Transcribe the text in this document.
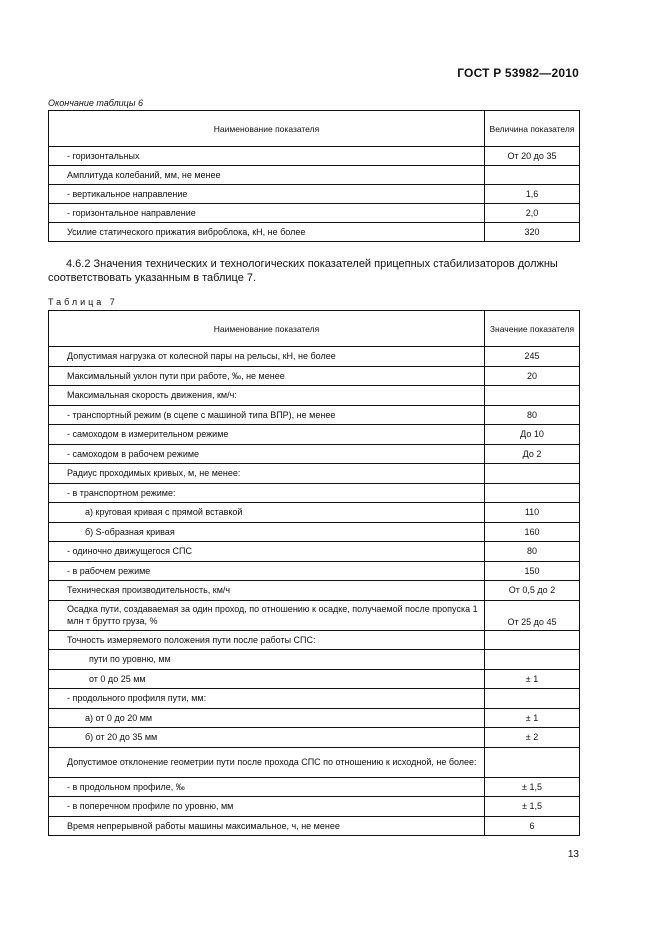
ГОСТ Р 53982—2010
Окончание таблицы 6
Наименование показателя	Величина показателя
- горизонтальных	От 20 до 35
Амплитуда колебаний, мм, не менее	
- вертикальное направление	1,6
- горизонтальное направление	2,0
Усилие статического прижатия виброблока, кН, не более	320
4.6.2 Значения технических и технологических показателей прицепных стабилизаторов должны соответствовать указанным в таблице 7.
Таблица 7
Наименование показателя	Значение показателя
Допустимая нагрузка от колесной пары на рельсы, кН, не более	245
Максимальный уклон пути при работе, ‰, не менее	20
Максимальная скорость движения, км/ч:	
- транспортный режим (в сцепе с машиной типа ВПР), не менее	80
- самоходом в измерительном режиме	До 10
- самоходом в рабочем режиме	До 2
Радиус проходимых кривых, м, не менее:	
- в транспортном режиме:	
а) круговая кривая с прямой вставкой	110
б) S-образная кривая	160
- одиночно движущегося СПС	80
- в рабочем режиме	150
Техническая производительность, км/ч	От 0,5 до 2
Осадка пути, создаваемая за один проход, по отношению к осадке, получаемой после пропуска 1 млн т брутто груза, %	От 25 до 45
Точность измеряемого положения пути после работы СПС:	
пути по уровню, мм	
от 0 до 25 мм	± 1
- продольного профиля пути, мм:	
а) от 0 до 20 мм	± 1
б) от 20 до 35 мм	± 2
Допустимое отклонение геометрии пути после прохода СПС по отношению к исходной, не более:	
- в продольном профиле, ‰	± 1,5
- в поперечном профиле по уровню, мм	± 1,5
Время непрерывной работы машины максимальное, ч, не менее	6
13
